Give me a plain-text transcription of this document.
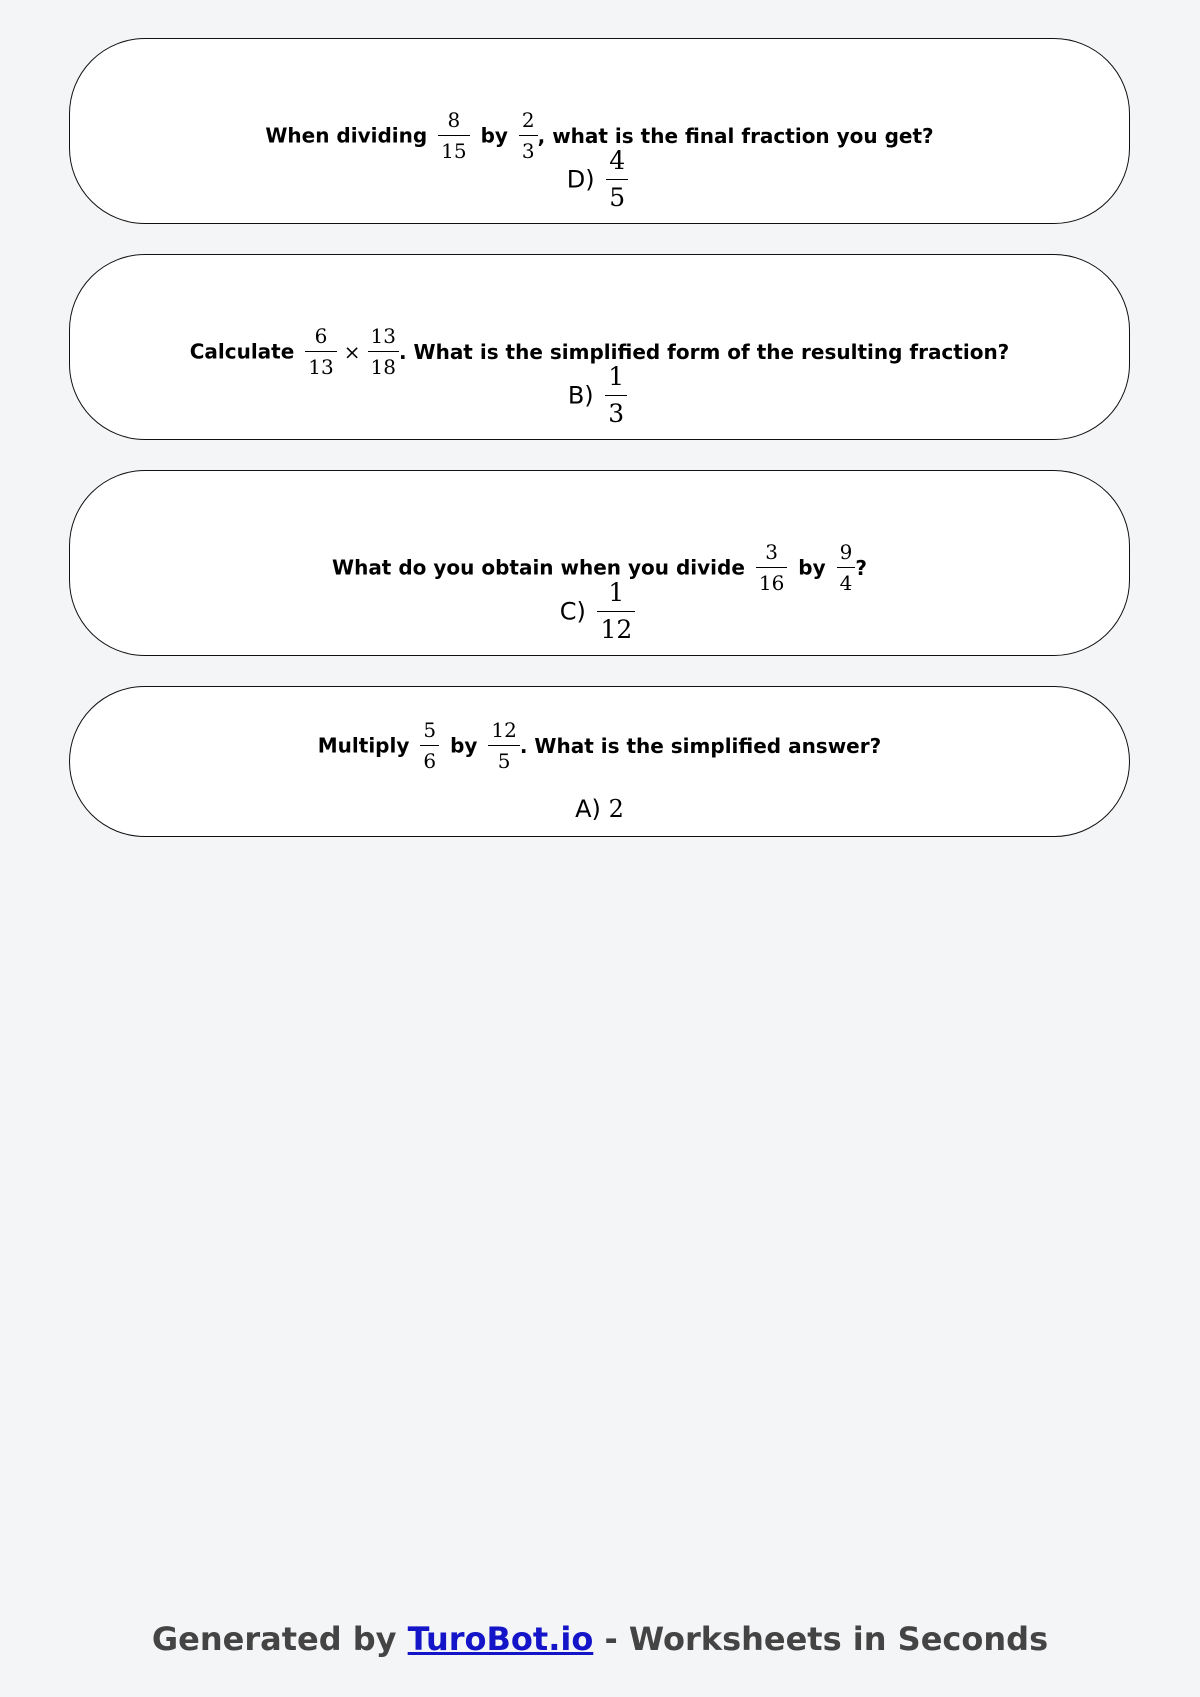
When dividing $\frac{8}{15}$ by $\frac{2}{3}$ , what is the final fraction you get?
$D) \frac{4}{5}$
Calculate $\frac{6}{13} \times \frac{13}{18}$ . What is the simplified form of the resulting fraction?
$B) \frac{1}{3}$
What do you obtain when you divide $\frac{3}{16}$ by $\frac{9}{4}$ ?
$C) \frac{1}{12}$
Multiply $\frac{5}{6}$ by $\frac{12}{5}$ . What is the simplified answer?
A) 2
Generated by TuroBot.io - Worksheets in Seconds
